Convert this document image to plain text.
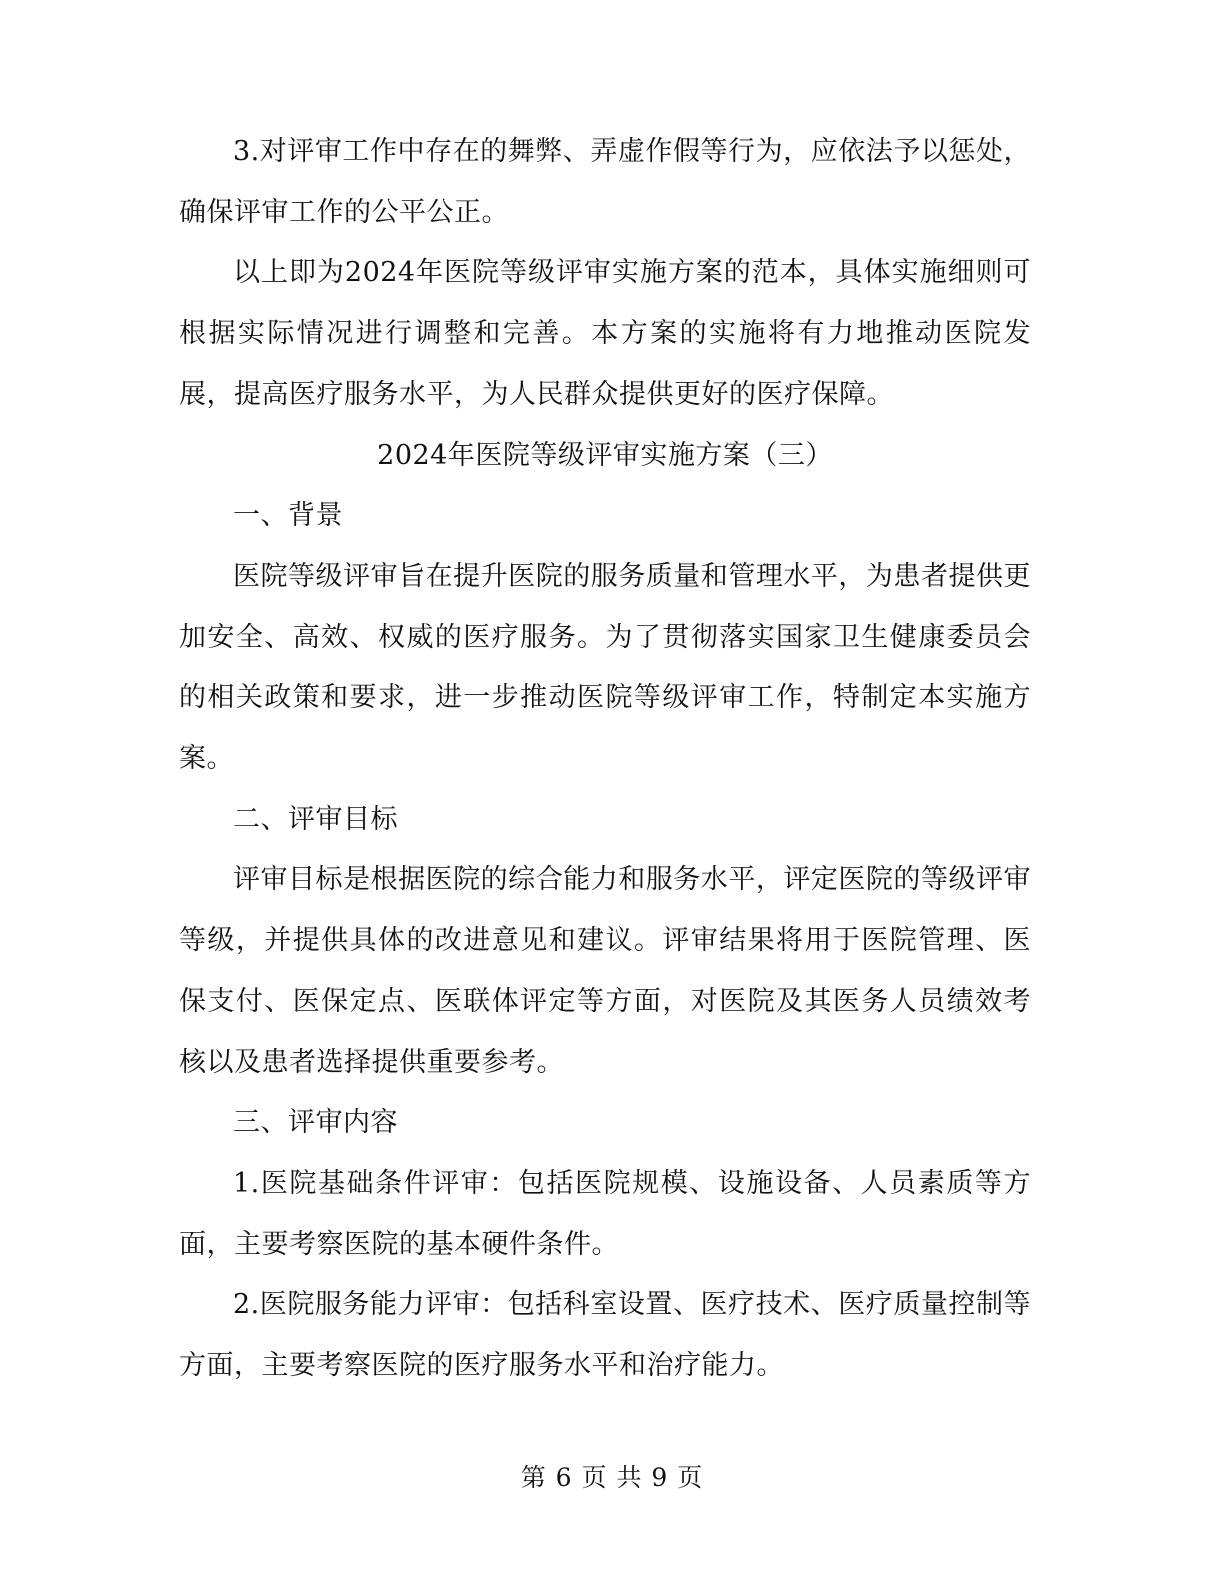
3.对评审工作中存在的舞弊、弄虚作假等行为，应依法予以惩处，确保评审工作的公平公正。

以上即为2024年医院等级评审实施方案的范本，具体实施细则可根据实际情况进行调整和完善。本方案的实施将有力地推动医院发展，提高医疗服务水平，为人民群众提供更好的医疗保障。

2024年医院等级评审实施方案（三）

一、背景

医院等级评审旨在提升医院的服务质量和管理水平，为患者提供更加安全、高效、权威的医疗服务。为了贯彻落实国家卫生健康委员会的相关政策和要求，进一步推动医院等级评审工作，特制定本实施方案。

二、评审目标

评审目标是根据医院的综合能力和服务水平，评定医院的等级评审等级，并提供具体的改进意见和建议。评审结果将用于医院管理、医保支付、医保定点、医联体评定等方面，对医院及其医务人员绩效考核以及患者选择提供重要参考。

三、评审内容

1.医院基础条件评审：包括医院规模、设施设备、人员素质等方面，主要考察医院的基本硬件条件。

2.医院服务能力评审：包括科室设置、医疗技术、医疗质量控制等方面，主要考察医院的医疗服务水平和治疗能力。

第 6 页 共 9 页
